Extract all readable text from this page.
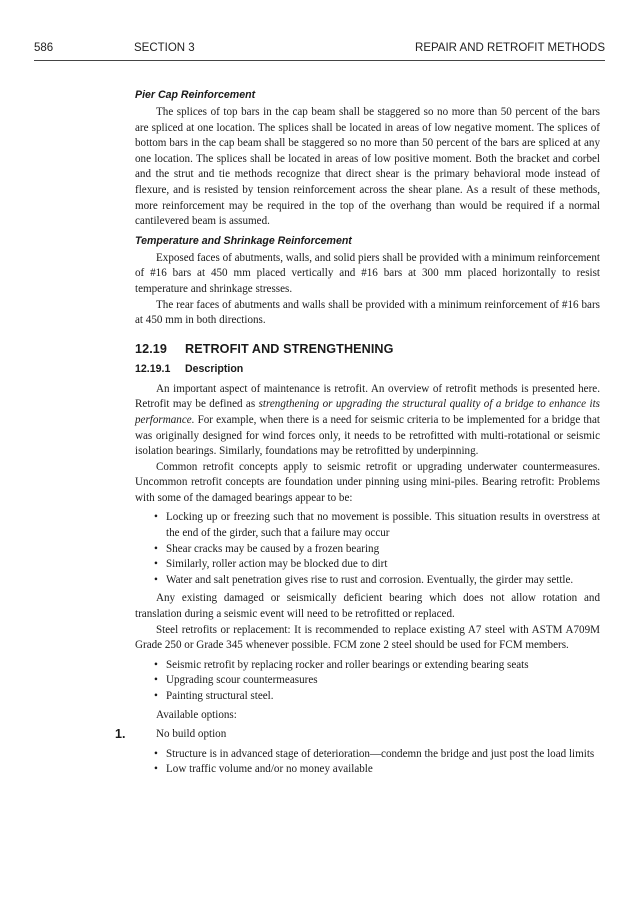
586	SECTION 3	REPAIR AND RETROFIT METHODS
Pier Cap Reinforcement

The splices of top bars in the cap beam shall be staggered so no more than 50 percent of the bars are spliced at one location. The splices shall be located in areas of low negative moment. The splices of bottom bars in the cap beam shall be staggered so no more than 50 percent of the bars are spliced at any one location. The splices shall be located in areas of low positive moment. Both the bracket and corbel and the strut and tie methods recognize that direct shear is the primary behavioral mode instead of flexure, and is resisted by tension reinforcement across the shear plane. As a result of these methods, more reinforcement may be required in the top of the overhang than would be required if a normal cantilevered beam is assumed.

Temperature and Shrinkage Reinforcement

Exposed faces of abutments, walls, and solid piers shall be provided with a minimum reinforcement of #16 bars at 450 mm placed vertically and #16 bars at 300 mm placed horizontally to resist temperature and shrinkage stresses.

The rear faces of abutments and walls shall be provided with a minimum reinforcement of #16 bars at 450 mm in both directions.

12.19 RETROFIT AND STRENGTHENING
12.19.1 Description

An important aspect of maintenance is retrofit. An overview of retrofit methods is presented here. Retrofit may be defined as strengthening or upgrading the structural quality of a bridge to enhance its performance. For example, when there is a need for seismic criteria to be implemented for a bridge that was originally designed for wind forces only, it needs to be retrofitted with multi-rotational or seismic isolation bearings. Similarly, foundations may be retrofitted by underpinning.

Common retrofit concepts apply to seismic retrofit or upgrading underwater countermeasures. Uncommon retrofit concepts are foundation under pinning using mini-piles. Bearing retrofit: Problems with some of the damaged bearings appear to be:

• Locking up or freezing such that no movement is possible. This situation results in overstress at the end of the girder, such that a failure may occur
• Shear cracks may be caused by a frozen bearing
• Similarly, roller action may be blocked due to dirt
• Water and salt penetration gives rise to rust and corrosion. Eventually, the girder may settle.

Any existing damaged or seismically deficient bearing which does not allow rotation and translation during a seismic event will need to be retrofitted or replaced.

Steel retrofits or replacement: It is recommended to replace existing A7 steel with ASTM A709M Grade 250 or Grade 345 whenever possible. FCM zone 2 steel should be used for FCM members.

• Seismic retrofit by replacing rocker and roller bearings or extending bearing seats
• Upgrading scour countermeasures
• Painting structural steel.

Available options:

1.	No build option
• Structure is in advanced stage of deterioration—condemn the bridge and just post the load limits
• Low traffic volume and/or no money available
